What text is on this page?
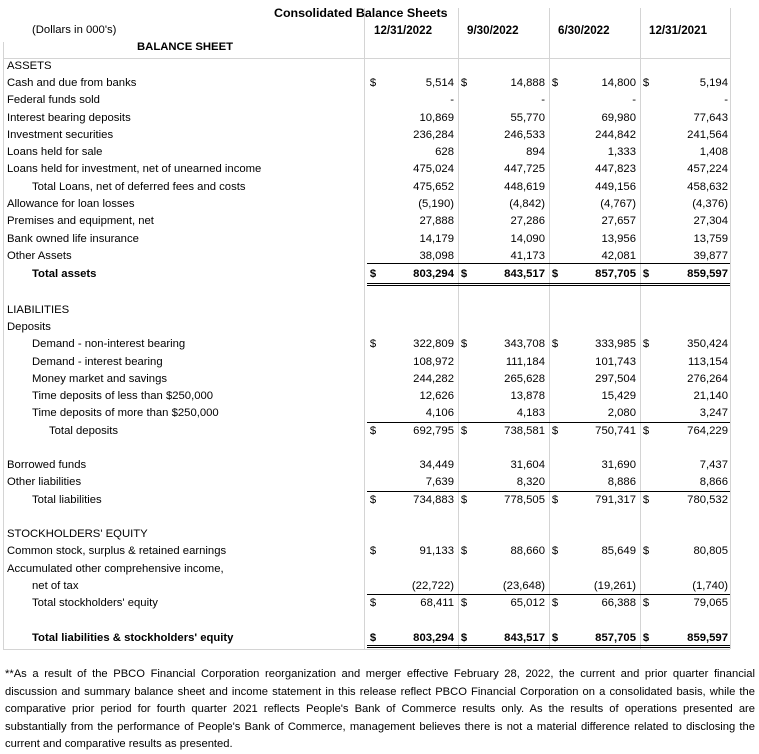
Consolidated Balance Sheets
(Dollars in 000's)
BALANCE SHEET
12/31/2022	9/30/2022	6/30/2022	12/31/2021
ASSETS
LIABILITIES
Deposits
STOCKHOLDERS' EQUITY
Accumulated other comprehensive income,
Cash and due from banks	$	5,514 $	14,888 $	14,800 $	5,194
Federal funds sold	-	-	-	-
Interest bearing deposits	10,869	55,770	69,980	77,643
Investment securities	236,284	246,533	244,842	241,564
Loans held for sale	628	894	1,333	1,408
Loans held for investment, net of unearned income	475,024	447,725	447,823	457,224
Total Loans, net of deferred fees and costs	475,652	448,619	449,156	458,632
Allowance for loan losses	(5,190)	(4,842)	(4,767)	(4,376)
Premises and equipment, net	27,888	27,286	27,657	27,304
Bank owned life insurance	14,179	14,090	13,956	13,759
Other Assets	38,098	41,173	42,081	39,877
Total assets	$	803,294 $	843,517 $	857,705 $	859,597
Demand - non-interest bearing	$	322,809 $	343,708 $	333,985 $	350,424
Demand - interest bearing	108,972	111,184	101,743	113,154
Money market and savings	244,282	265,628	297,504	276,264
Time deposits of less than $250,000	12,626	13,878	15,429	21,140
Time deposits of more than $250,000	4,106	4,183	2,080	3,247
Total deposits	$	692,795 $	738,581 $	750,741 $	764,229
Borrowed funds	34,449	31,604	31,690	7,437
Other liabilities	7,639	8,320	8,886	8,866
Total liabilities	$	734,883 $	778,505 $	791,317 $	780,532
Common stock, surplus & retained earnings	$	91,133 $	88,660 $	85,649 $	80,805
net of tax	(22,722)	(23,648)	(19,261)	(1,740)
Total stockholders' equity	$	68,411 $	65,012 $	66,388 $	79,065
Total liabilities & stockholders' equity	$	803,294 $	843,517 $	857,705 $	859,597
**As a result of the PBCO Financial Corporation reorganization and merger effective February 28, 2022, the current and prior quarter financial discussion and summary balance sheet and income statement in this release reflect PBCO Financial Corporation on a consolidated basis, while the comparative prior period for fourth quarter 2021 reflects People's Bank of Commerce results only. As the results of operations presented are substantially from the performance of People's Bank of Commerce, management believes there is not a material difference related to disclosing the current and comparative results as presented.
